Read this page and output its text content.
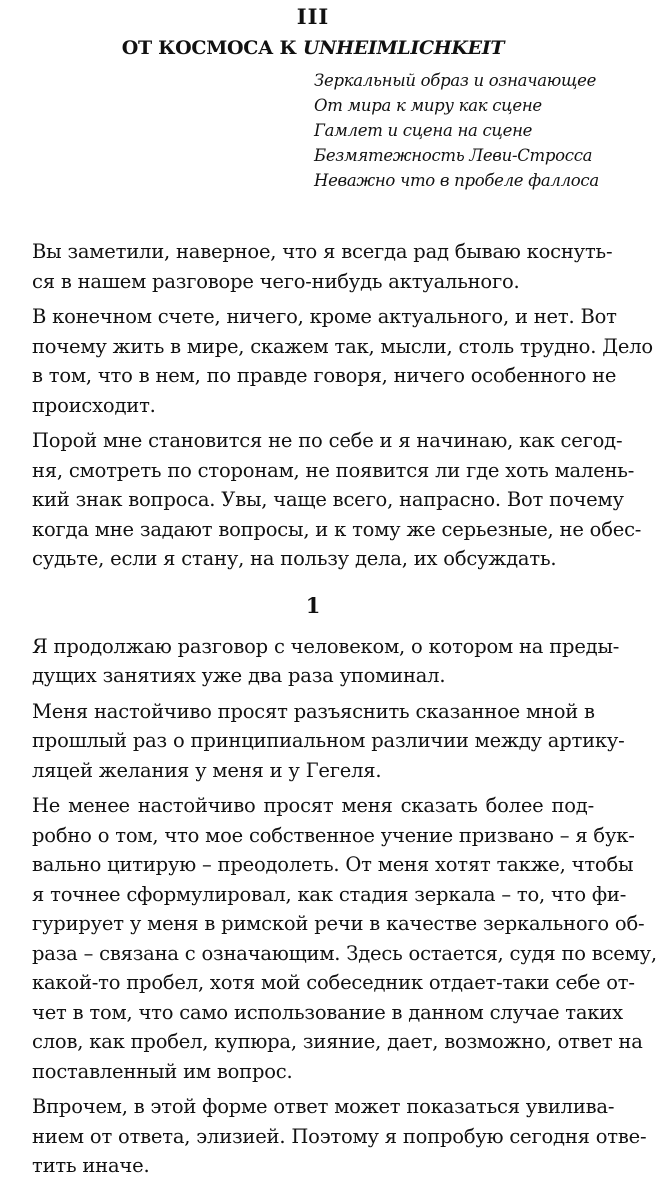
III
ОТ КОСМОСА К UNHEIMLICHKEIT
Зеркальный образ и означающее
От мира к миру как сцене
Гамлет и сцена на сцене
Безмятежность Леви-Стросса
Неважно что в пробеле фаллоса
Вы заметили, наверное, что я всегда рад бываю коснуть-
ся в нашем разговоре чего-нибудь актуального.
В конечном счете, ничего, кроме актуального, и нет. Вот
почему жить в мире, скажем так, мысли, столь трудно. Дело
в том, что в нем, по правде говоря, ничего особенного не
происходит.
Порой мне становится не по себе и я начинаю, как сегод-
ня, смотреть по сторонам, не появится ли где хоть малень-
кий знак вопроса. Увы, чаще всего, напрасно. Вот почему
когда мне задают вопросы, и к тому же серьезные, не обес-
судьте, если я стану, на пользу дела, их обсуждать.
1
Я продолжаю разговор с человеком, о котором на преды-
дущих занятиях уже два раза упоминал.
Меня настойчиво просят разъяснить сказанное мной в
прошлый раз о принципиальном различии между артику-
ляцей желания у меня и у Гегеля.
Не менее настойчиво просят меня сказать более под-
робно о том, что мое собственное учение призвано – я бук-
вально цитирую – преодолеть. От меня хотят также, чтобы
я точнее сформулировал, как стадия зеркала – то, что фи-
гурирует у меня в римской речи в качестве зеркального об-
раза – связана с означающим. Здесь остается, судя по всему,
какой-то пробел, хотя мой собеседник отдает-таки себе от-
чет в том, что само использование в данном случае таких
слов, как пробел, купюра, зияние, дает, возможно, ответ на
поставленный им вопрос.
Впрочем, в этой форме ответ может показаться увилива-
нием от ответа, элизией. Поэтому я попробую сегодня отве-
тить иначе.
